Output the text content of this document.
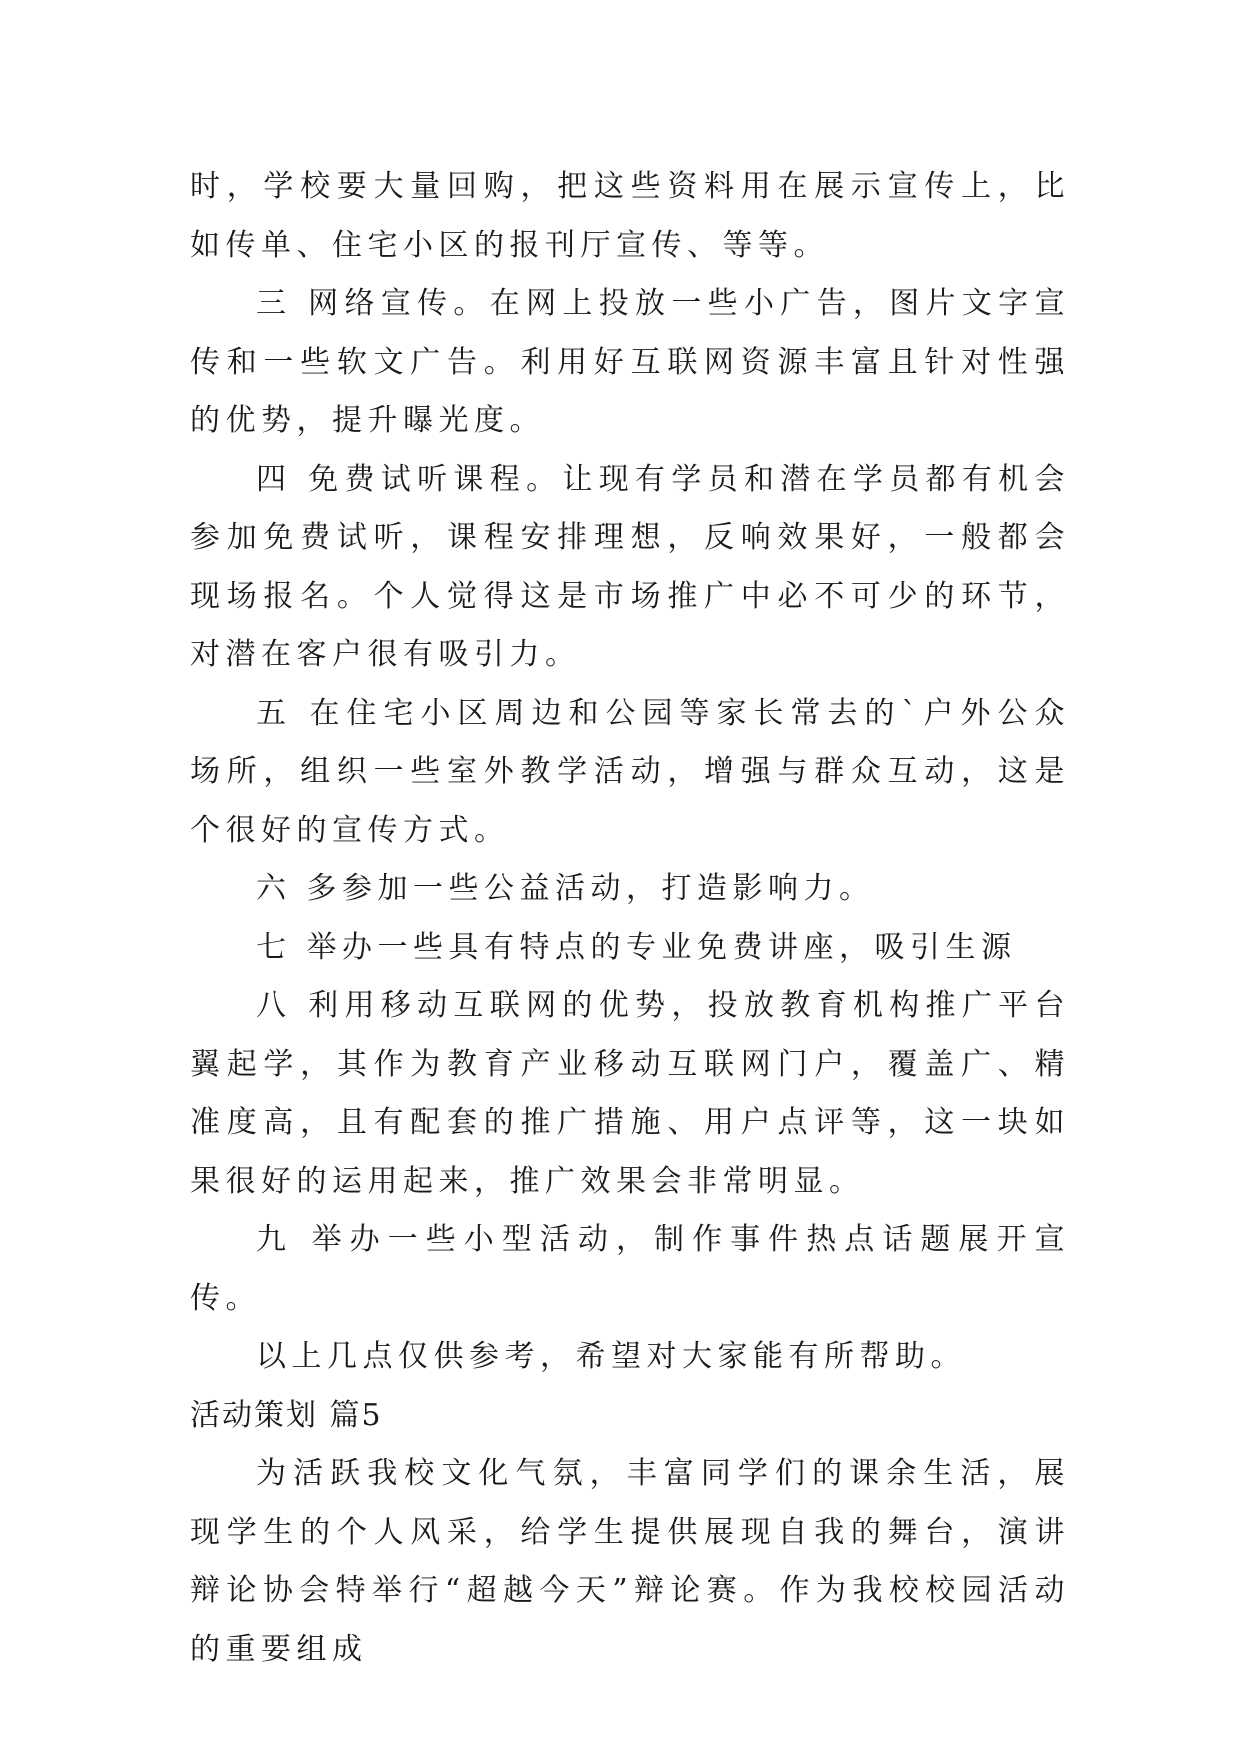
时，学校要大量回购，把这些资料用在展示宣传上，比如传单、住宅小区的报刊厅宣传、等等。

三 网络宣传。在网上投放一些小广告，图片文字宣传和一些软文广告。利用好互联网资源丰富且针对性强的优势，提升曝光度。

四 免费试听课程。让现有学员和潜在学员都有机会参加免费试听，课程安排理想，反响效果好，一般都会现场报名。个人觉得这是市场推广中必不可少的环节，对潜在客户很有吸引力。

五 在住宅小区周边和公园等家长常去的`户外公众场所，组织一些室外教学活动，增强与群众互动，这是个很好的宣传方式。

六 多参加一些公益活动，打造影响力。

七 举办一些具有特点的专业免费讲座，吸引生源

八 利用移动互联网的优势，投放教育机构推广平台翼起学，其作为教育产业移动互联网门户，覆盖广、精准度高，且有配套的推广措施、用户点评等，这一块如果很好的运用起来，推广效果会非常明显。

九 举办一些小型活动，制作事件热点话题展开宣传。

以上几点仅供参考，希望对大家能有所帮助。

活动策划 篇5

为活跃我校文化气氛，丰富同学们的课余生活，展现学生的个人风采，给学生提供展现自我的舞台，演讲辩论协会特举行“超越今天”辩论赛。作为我校校园活动的重要组成
